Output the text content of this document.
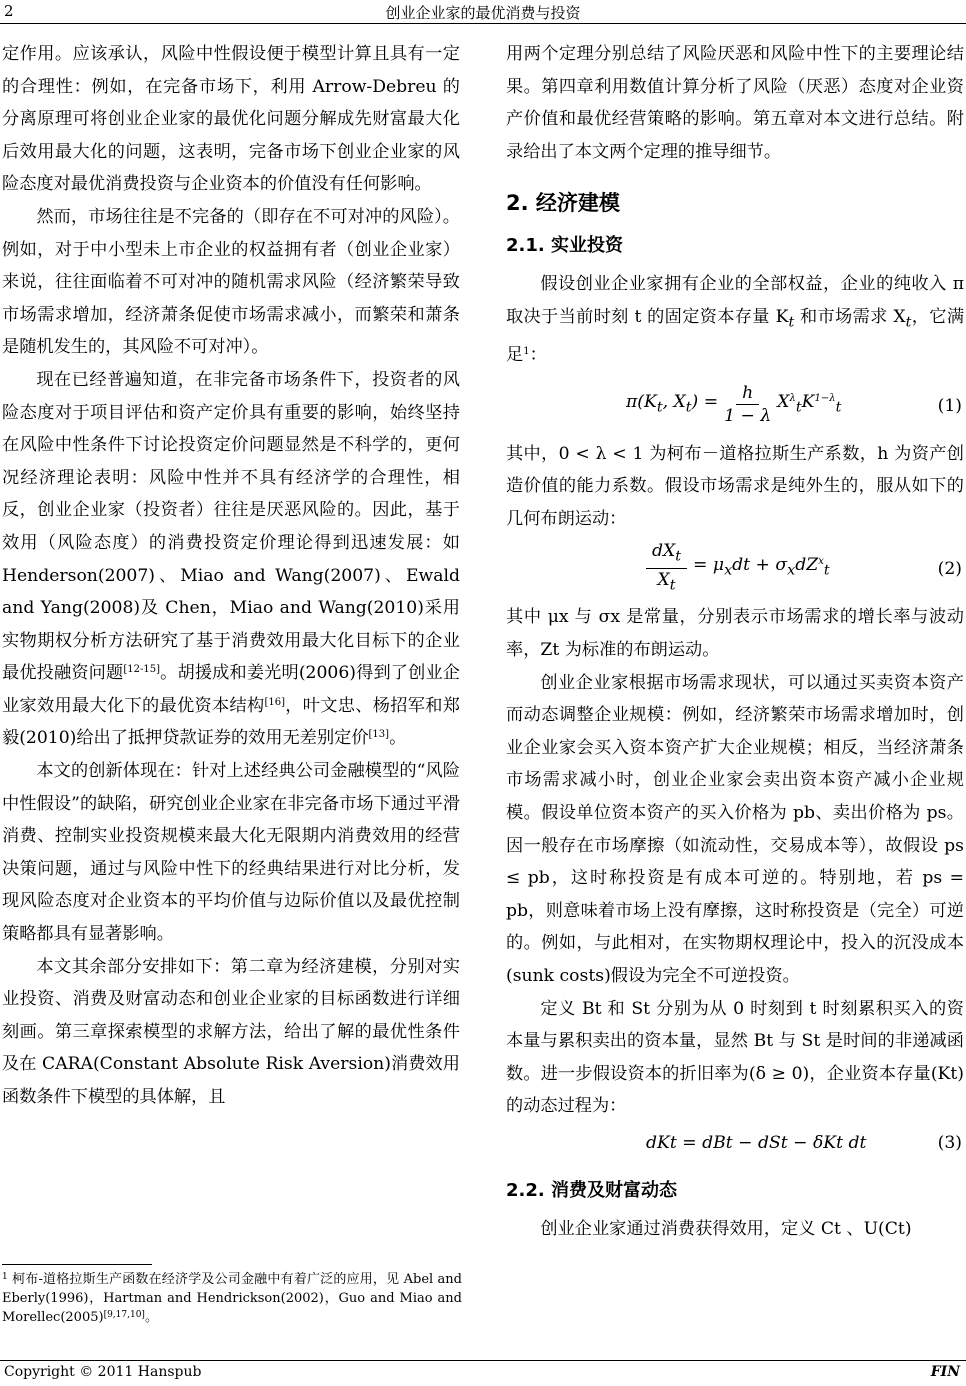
2	创业企业家的最优消费与投资

定作用。应该承认，风险中性假设便于模型计算且具有一定的合理性：例如，在完备市场下，利用 Arrow-Debreu 的分离原理可将创业企业家的最优化问题分解成先财富最大化后效用最大化的问题，这表明，完备市场下创业企业家的风险态度对最优消费投资与企业资本的价值没有任何影响。

然而，市场往往是不完备的（即存在不可对冲的风险）。例如，对于中小型未上市企业的权益拥有者（创业企业家）来说，往往面临着不可对冲的随机需求风险（经济繁荣导致市场需求增加，经济萧条促使市场需求减小，而繁荣和萧条是随机发生的，其风险不可对冲）。

现在已经普遍知道，在非完备市场条件下，投资者的风险态度对于项目评估和资产定价具有重要的影响，始终坚持在风险中性条件下讨论投资定价问题显然是不科学的，更何况经济理论表明：风险中性并不具有经济学的合理性，相反，创业企业家（投资者）往往是厌恶风险的。因此，基于效用（风险态度）的消费投资定价理论得到迅速发展：如 Henderson(2007)、Miao and Wang(2007)、Ewald and Yang(2008)及 Chen，Miao and Wang(2010)采用实物期权分析方法研究了基于消费效用最大化目标下的企业最优投融资问题[12-15]。胡援成和姜光明(2006)得到了创业企业家效用最大化下的最优资本结构[16]，叶文忠、杨招军和郑毅(2010)给出了抵押贷款证券的效用无差别定价[13]。

本文的创新体现在：针对上述经典公司金融模型的“风险中性假设”的缺陷，研究创业企业家在非完备市场下通过平滑消费、控制实业投资规模来最大化无限期内消费效用的经营决策问题，通过与风险中性下的经典结果进行对比分析，发现风险态度对企业资本的平均价值与边际价值以及最优控制策略都具有显著影响。

本文其余部分安排如下：第二章为经济建模，分别对实业投资、消费及财富动态和创业企业家的目标函数进行详细刻画。第三章探索模型的求解方法，给出了解的最优性条件及在 CARA(Constant Absolute Risk Aversion)消费效用函数条件下模型的具体解，且

$^1$ 柯布-道格拉斯生产函数在经济学及公司金融中有着广泛的应用，见 Abel and Eberly(1996)，Hartman and Hendrickson(2002)，Guo and Miao and Morellec(2005)[9,17,10]。

用两个定理分别总结了风险厌恶和风险中性下的主要理论结果。第四章利用数值计算分析了风险（厌恶）态度对企业资产价值和最优经营策略的影响。第五章对本文进行总结。附录给出了本文两个定理的推导细节。

2. 经济建模
2.1. 实业投资

假设创业企业家拥有企业的全部权益，企业的纯收入 π 取决于当前时刻 t 的固定资本存量 $K_t$ 和市场需求 $X_t$，它满足$^1$：

$\pi(K_t$, $X_t) = \frac{h}{1 - \lambda} X^\lambda_tK^{1-\lambda}_t$	(1)

其中，0 < λ < 1 为柯布－道格拉斯生产系数，h 为资产创造价值的能力系数。假设市场需求是纯外生的，服从如下的几何布朗运动：

$\frac{dX_t}{X_t} = \mu_xdt + \sigma_xdZ^x_t$	(2)

其中 μx 与 σx 是常量，分别表示市场需求的增长率与波动率，Zt 为标准的布朗运动。

创业企业家根据市场需求现状，可以通过买卖资本资产而动态调整企业规模：例如，经济繁荣市场需求增加时，创业企业家会买入资本资产扩大企业规模；相反，当经济萧条市场需求减小时，创业企业家会卖出资本资产减小企业规模。假设单位资本资产的买入价格为 pb、卖出价格为 ps。因一般存在市场摩擦（如流动性，交易成本等），故假设 ps ≤ pb，这时称投资是有成本可逆的。特别地，若 ps = pb，则意味着市场上没有摩擦，这时称投资是（完全）可逆的。例如，与此相对，在实物期权理论中，投入的沉没成本(sunk costs)假设为完全不可逆投资。

定义 Bt 和 St 分别为从 0 时刻到 t 时刻累积买入的资本量与累积卖出的资本量，显然 Bt 与 St 是时间的非递减函数。进一步假设资本的折旧率为(δ ≥ 0)，企业资本存量(Kt)的动态过程为：

dKt = dBt − dSt − δKt dt	(3)
2.2. 消费及财富动态

创业企业家通过消费获得效用，定义 Ct 、U(Ct)

Copyright © 2011 Hanspub	FIN
